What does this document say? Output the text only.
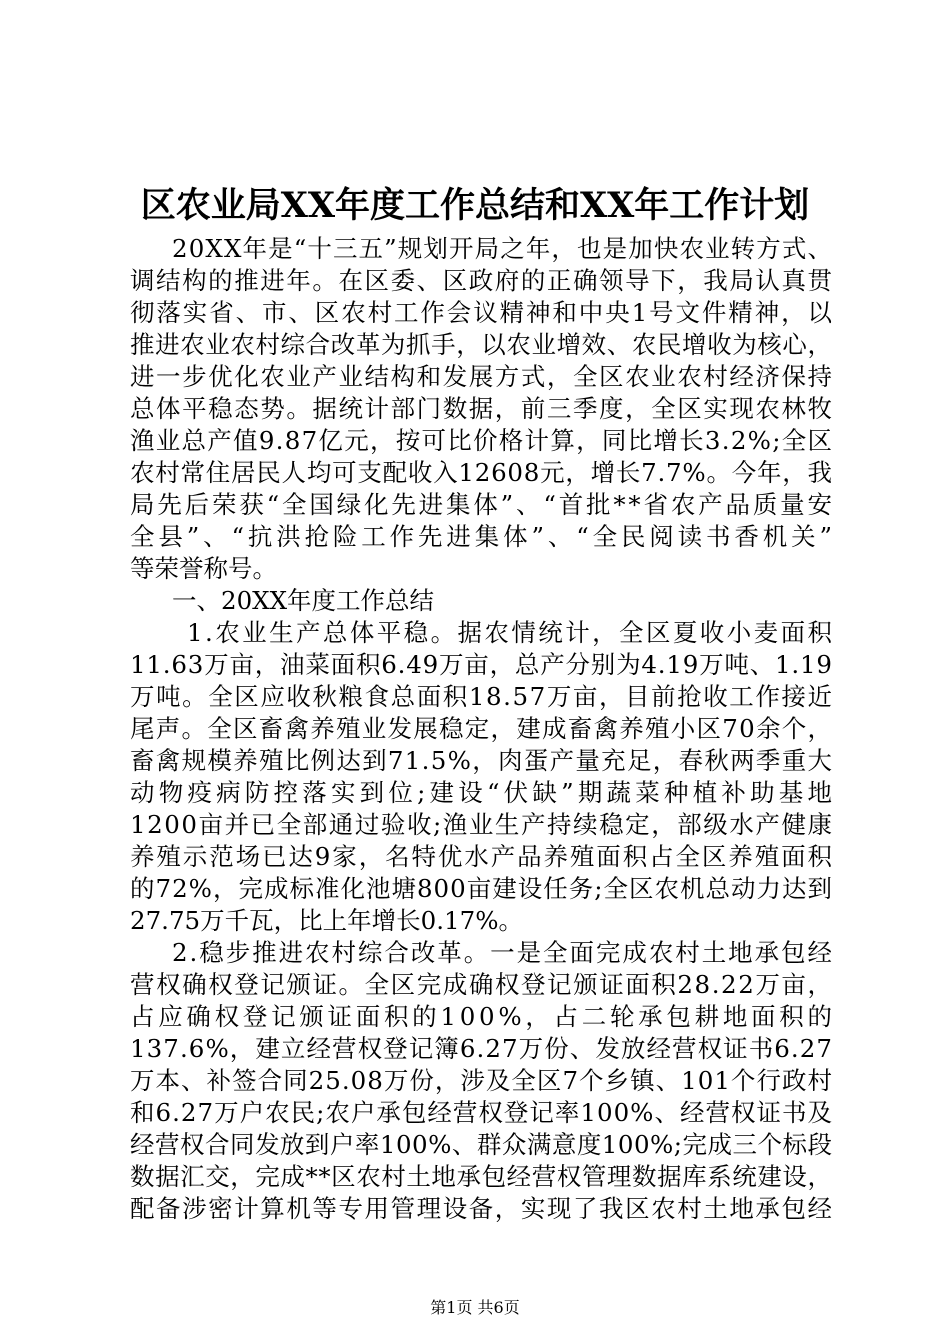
区农业局XX年度工作总结和XX年工作计划
20XX年是“十三五”规划开局之年，也是加快农业转方式、
调结构的推进年。在区委、区政府的正确领导下，我局认真贯
彻落实省、市、区农村工作会议精神和中央1号文件精神，以
推进农业农村综合改革为抓手，以农业增效、农民增收为核心，
进一步优化农业产业结构和发展方式，全区农业农村经济保持
总体平稳态势。据统计部门数据，前三季度，全区实现农林牧
渔业总产值9.87亿元，按可比价格计算，同比增长3.2%;全区
农村常住居民人均可支配收入12608元，增长7.7%。今年，我
局先后荣获“全国绿化先进集体”、“首批**省农产品质量安
全县”、“抗洪抢险工作先进集体”、“全民阅读书香机关”
等荣誉称号。
一、20XX年度工作总结
1.农业生产总体平稳。据农情统计，全区夏收小麦面积
11.63万亩，油菜面积6.49万亩，总产分别为4.19万吨、1.19
万吨。全区应收秋粮食总面积18.57万亩，目前抢收工作接近
尾声。全区畜禽养殖业发展稳定，建成畜禽养殖小区70余个，
畜禽规模养殖比例达到71.5%，肉蛋产量充足，春秋两季重大
动物疫病防控落实到位;建设“伏缺”期蔬菜种植补助基地
1200亩并已全部通过验收;渔业生产持续稳定，部级水产健康
养殖示范场已达9家，名特优水产品养殖面积占全区养殖面积
的72%，完成标准化池塘800亩建设任务;全区农机总动力达到
27.75万千瓦，比上年增长0.17%。
2.稳步推进农村综合改革。一是全面完成农村土地承包经
营权确权登记颁证。全区完成确权登记颁证面积28.22万亩，
占应确权登记颁证面积的100%，占二轮承包耕地面积的
137.6%，建立经营权登记簿6.27万份、发放经营权证书6.27
万本、补签合同25.08万份，涉及全区7个乡镇、101个行政村
和6.27万户农民;农户承包经营权登记率100%、经营权证书及
经营权合同发放到户率100%、群众满意度100%;完成三个标段
数据汇交，完成**区农村土地承包经营权管理数据库系统建设，
配备涉密计算机等专用管理设备，实现了我区农村土地承包经
第1页 共6页
